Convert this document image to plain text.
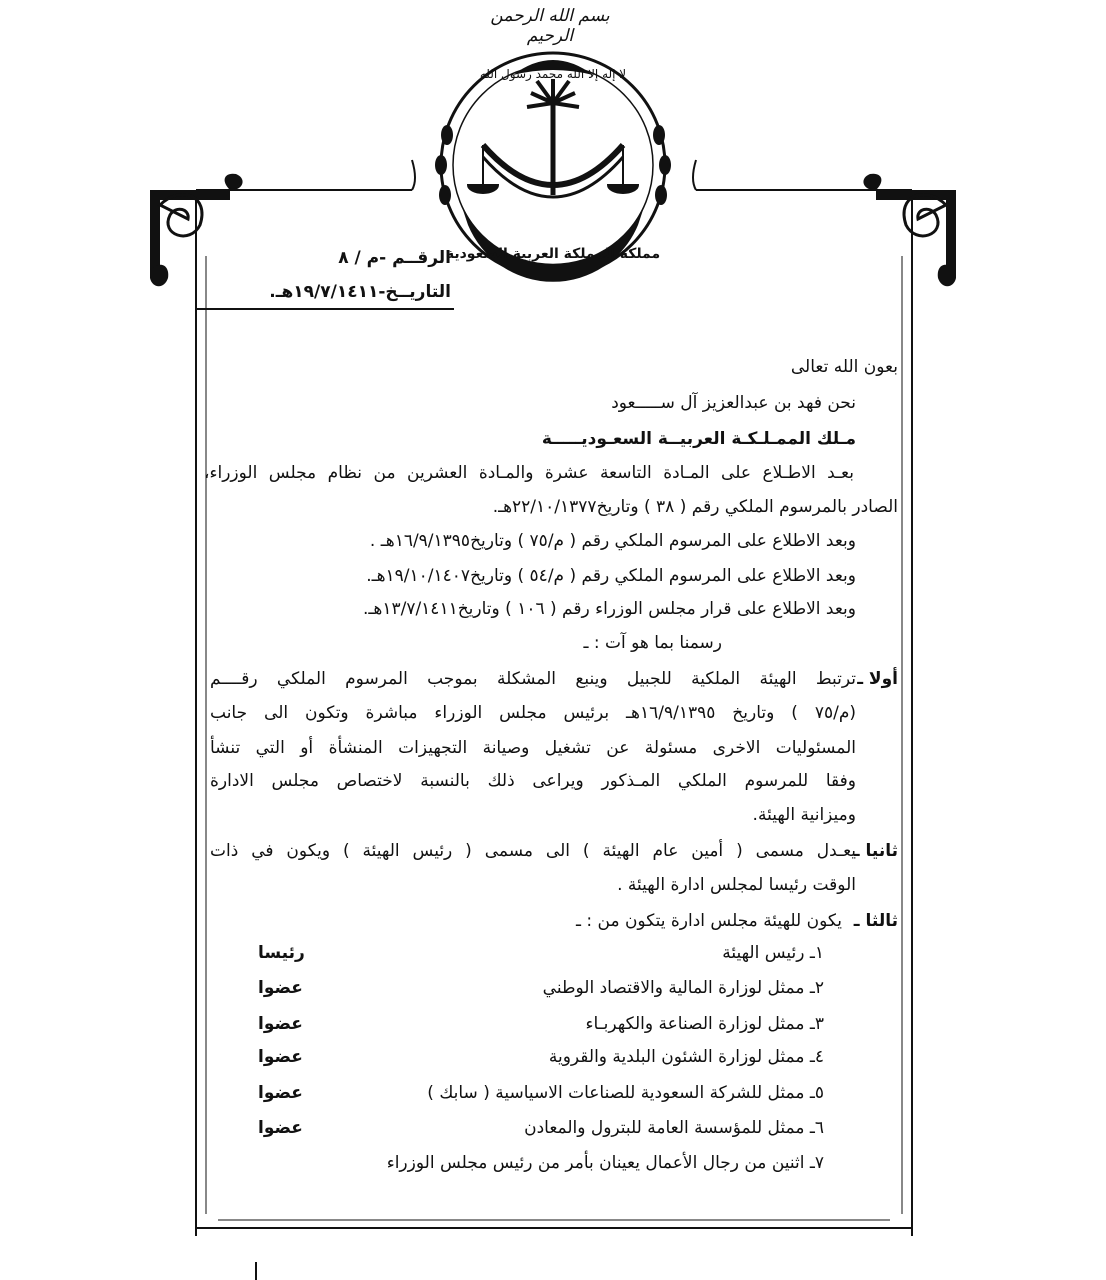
لا إله إلا الله محمد رسول الله
مملكة المملكة العربية السعودية
بسم الله الرحمن الرحيم
الرقــم -م / ٨
التاريــخ-١٩/٧/١٤١١هـ.
بعون الله تعالى
نحن فهد بن عبدالعزيز آل ســـــعود
مـلك الممـلـكـة العربيــة السعـوديـــــة
بعـد الاطـلاع على المـادة التاسعة عشرة والمـادة العشرين من نظام مجلس الوزراء،
الصادر بالمرسوم الملكي رقم ( ٣٨ ) وتاريخ٢٢/١٠/١٣٧٧هـ.
وبعد الاطلاع على المرسوم الملكي رقم ( م/٧٥ ) وتاريخ١٦/٩/١٣٩٥هـ .
وبعد الاطلاع على المرسوم الملكي رقم ( م/٥٤ ) وتاريخ١٩/١٠/١٤٠٧هـ.
وبعد الاطلاع على قرار مجلس الوزراء رقم ( ١٠٦ ) وتاريخ١٣/٧/١٤١١هـ.
رسمنا بما هو آت : ـ
أولا ـ
ترتبط الهيئة الملكية للجبيل وينبع المشكلة بموجب المرسوم الملكي رقــــم
(م/٧٥ ) وتاريخ ١٦/٩/١٣٩٥هـ برئيس مجلس الوزراء مباشرة وتكون الى جانب
المسئوليات الاخرى مسئولة عن تشغيل وصيانة التجهيزات المنشأة أو التي تنشأ
وفقا للمرسوم الملكي المـذكور ويراعى ذلك بالنسبة لاختصاص مجلس الادارة
وميزانية الهيئة.
ثانيا ـ
يعـدل مسمى ( أمين عام الهيئة ) الى مسمى ( رئيس الهيئة ) ويكون في ذات
الوقت رئيسا لمجلس ادارة الهيئة .
ثالثا ـ
يكون للهيئة مجلس ادارة يتكون من : ـ
١ـ رئيس الهيئة
رئيسا
٢ـ ممثل لوزارة المالية والاقتصاد الوطني
عضوا
٣ـ ممثل لوزارة الصناعة والكهربـاء
عضوا
٤ـ ممثل لوزارة الشئون البلدية والقروية
عضوا
٥ـ ممثل للشركة السعودية للصناعات الاسياسية ( سابك )
عضوا
٦ـ ممثل للمؤسسة العامة للبترول والمعادن
عضوا
٧ـ اثنين من رجال الأعمال يعينان بأمر من رئيس مجلس الوزراء
